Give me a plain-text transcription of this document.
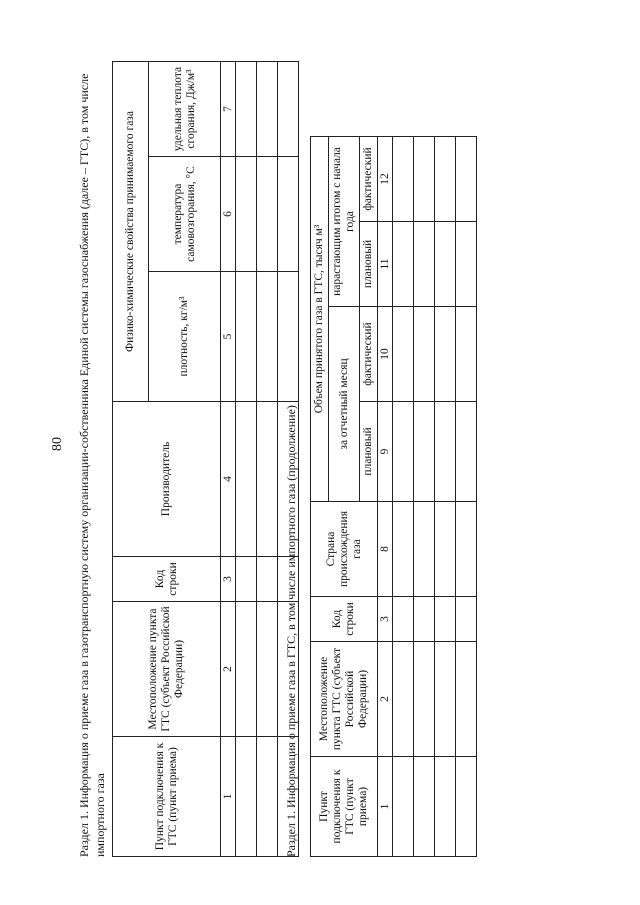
80 Раздел 1. Информация о приеме газа в газотранспортную систему организации-собственника Единой системы газоснабжения (далее – ГТС), в том числе импортного газа	Пункт подключения к ГТС (пункт приема)	Местоположение пункта ГТС (субъект Российской Федерации)	Код строки	Производитель	Физико-химические свойства принимаемого газа		
				плотность, кг/м³	температура самовозгорания, °С	удельная теплота сгорания, Дж/м³
1	2	3	4	5	6	7

Раздел 1. Информация о приеме газа в ГТС, в том числе импортного газа (продолжение) Пункт подключения к ГТС (пункт приема)	Местоположение пункта ГТС (субъект Российской Федерации)	Код строки	Страна происхождения газа	Объем принятого газа в ГТС, тысяч м³			
				за отчетный месяц		нарастающим итогом с начала года	
				плановый	фактический	плановый	фактический
1	2	3	8	9	10	11	12
